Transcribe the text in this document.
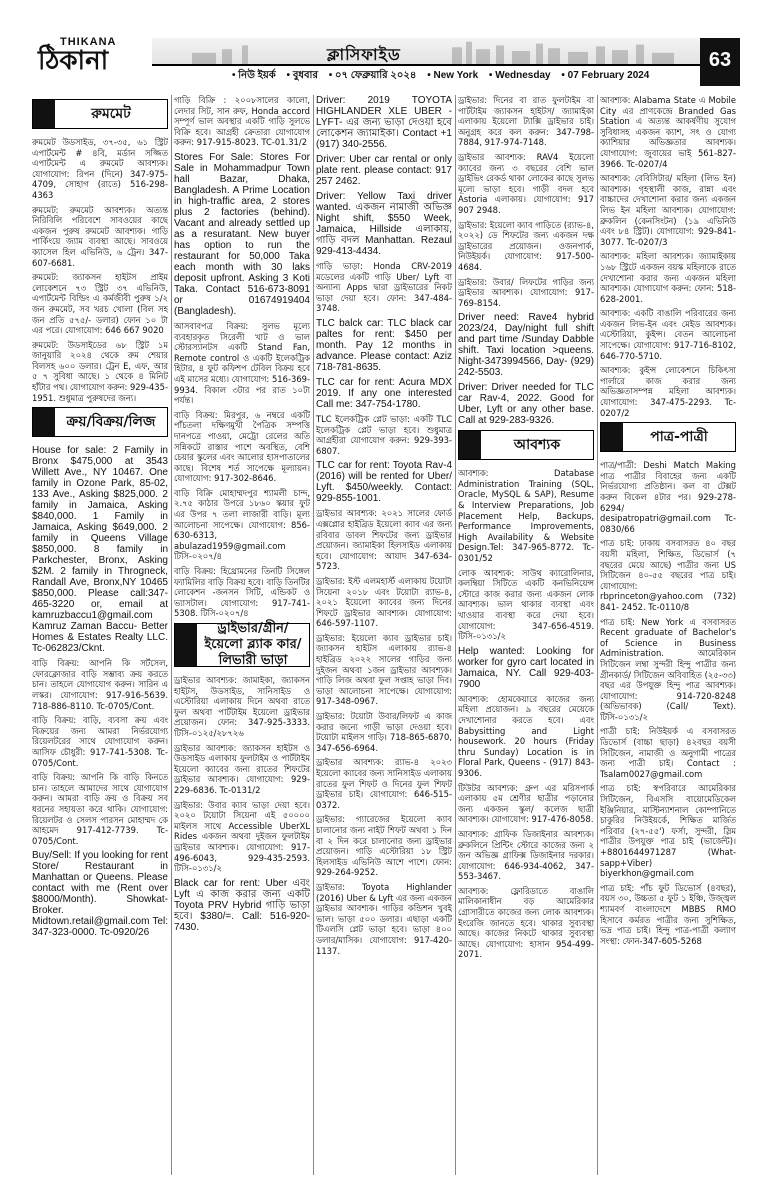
THIKANA
ঠিকানা	ক্লাসিফাইড	63
• নিউ ইয়র্ক • বুধবার • ০৭ ফেব্রুয়ারি ২০২৪ • New York • Wednesday • 07 February 2024
রুমমেট
রুমমেট উডসাইড, ৩৭-৩৫, ৬১ স্ট্রিট এপার্টমেন্ট # ৪বি, মর্ডান সজ্জিত এপার্টমেন্ট এ রুমমেট আবশ্যক। যোগাযোগ: রিপন (দিনে) 347-975-4709, সোহাগ (রাতে) 516-298-4363
রুমমেট: রুমমেট আবশ্যক। অত্যন্ত নিরিবিলি পরিবেশে সাবওয়ের কাছে একজন পুরুষ রুমমেট আবশ্যক। গাড়ি পার্কিংয়ে জ্যাম ব্যবস্থা আছে। সাবওয়ে ক্যাসেল হিল এভিনিউ, ৬ ট্রেন। 347-607-6681.
রুমমেট: জ্যাকসন হাইটস প্রাইম লোকেশনে ৭৩ স্ট্রিট ৩৭ এভিনিউ, এপার্টমেন্ট বিল্ডিং এ কর্মজীবী পুরুষ ১/২ জন রুমমেট, সব খরচ খোলা (বিল সহ জন প্রতি ৫৭৫/- ডলার) ফোন ১০ টা এর পরে। যোগাযোগ: 646 667 9020
রুমমেট: উডসাইডের ৬৮ স্ট্রিট ১ম জানুয়ারি ২০২৪ থেকে রুম শেয়ার বিলসহ ৬০০ ডলার। ট্রেন E, এফ, আর ৫ ৭ সুবিধা আছে। ১ থেকে ৪ মিনিট হাঁটার পথ। যোগাযোগ করুন: 929-435-1951. শুধুমাত্র পুরুষদের জন্য।
ক্রয়/বিক্রয়/লিজ
House for sale: 2 Family in Bronx $475,000 at 3543 Willett Ave., NY 10467. One family in Ozone Park, 85-02, 133 Ave., Asking $825,000. 2 family in Jamaica, Asking $840,000. 1 Family in Jamaica, Asking $649,000. 2 family in Queens Village $850,000. 8 family in Parkchester, Bronx, Asking $2M. 2 family in Throgneck, Randall Ave, Bronx,NY 10465 $850,000. Please call:347-465-3220 or, email at kamruzbaccu1@gmail.com Kamruz Zaman Baccu- Better Homes & Estates Realty LLC. Tc-062823/Cknt.
বাড়ি বিক্রয়: আপনি কি সর্টসেল, ফোরক্লোজার বাড়ি সম্ভাব্য ক্রয় করতে চান। তাহলে যোগাযোগ করুন। সারিন এ লস্কর। যোগাযোগ: 917-916-5639. 718-886-8110. Tc-0705/Cont.
বাড়ি বিক্রয়: বাড়ি, ব্যবসা ক্রয় এবং বিক্রয়ের জন্য আমরা নির্ভরযোগ্য রিয়েলটরের সাথে যোগাযোগ করুন। আসিফ চৌধুরী: 917-741-5308. Tc-0705/Cont.
বাড়ি বিক্রয়: আপনি কি বাড়ি কিনতে চান। তাহলে আমাদের সাথে যোগাযোগ করুন। আমরা বাড়ি ক্রয় ও বিক্রয় সব ধরনের সহায়তা করে থাকি। যোগাযোগ: রিয়েলটর ও সেলস পারসন মোহাম্মদ কে আহমেদ 917-412-7739. Tc-0705/Cont.
Buy/Sell: If you looking for rent Store/ Restaurant in Manhattan or Queens. Please contact with me (Rent over $8000/Month). Showkat- Broker. Midtown.retail@gmail.com Tel: 347-323-0000. Tc-0920/26
গাড়ি বিক্রি : ২০০৮সালের কালো, লেদার সিট, সান রুফ, Honda accord সম্পূর্ণ ভাল অবস্থার একটি গাড়ি সুলভে বিক্রি হবে। আগ্রহী ক্রেতারা যোগাযোগ করুন: 917-915-8023. TC-01.31/2
Stores For Sale: Stores For Sale in Mohammadpur Town hall Bazar, Dhaka, Bangladesh. A Prime Location in high-traffic area, 2 stores plus 2 factories (behind). Vacant and already settled up as a resuratant. New buyer has option to run the restaurant for 50,000 Taka each month with 30 laks deposit upfront. Asking 3 Koti Taka. Contact 516-673-8091 or 01674919404 (Bangladesh).
আসবাবপত্র বিক্রয়: সুলভ মূল্যে ব্যবহারকৃত সিরেলী খাট ও ভাল স্টোরস্যানটস একটি Stand Fan, Remote control ও একটি ইলেকট্রিক হিটার, ৪ ফুট কফিশপ টেবিল বিক্রয় হবে এই মাসের মধ্যে। যোগাযোগ: 516-369-9934. বিকাল ৩টার পর রাত ১০টা পর্যন্ত।
বাড়ি বিক্রয়: মিরপুর, ৬ নম্বরে একটি পাঁচতলা দক্ষিণমুখী পৈত্রিক সম্পত্তি দানপত্রে পাওয়া, মেট্রো রেলের অতি সন্নিকটে রাস্তার পাশে অবস্থিত, বেশি চেয়ার স্কুলের এবং আলোর হাসপাতালের কাছে। বিশেষ শর্ত সাপেক্ষে মূল্যায়ন। যোগাযোগ: 917-302-8646.
বাড়ি বিক্রি মোহাম্মদপুর শ্যামলী চান্দ, ২.৭৫ কাঠার উপরে ১৮৬০ স্কয়ার ফুট এর উপর ৭ তলা লাজারী বাড়ি। মূল্য আলোচনা সাপেক্ষে। যোগাযোগ: 856-630-6313, abulazad1959@gmail.com টিসি-০২০৭/৪
বাড়ি বিক্রয়: হিথ্রোমনের তিনটি সিঙ্গেল ফ্যামিলির বাড়ি বিক্রয় হবে। বাড়ি তিনটির লোকেশন -জনসন সিটি, এন্ডিকট ও ভ্যাসটাল। যোগাযোগ: 917-741-5308. টিসি-০২০৭/৪
ড্রাইভার/গ্রীন/ইয়েলো ব্ল্যাক কার/লিভারী ভাড়া
ড্রাইভার আবশ্যক: জামাইকা, জ্যাকসন হাইটস, উডসাইড, সানিসাইড ও এস্টোরিয়া এলাকায় দিনে অথবা রাতে ফুল অথবা পার্টটাইম ইয়েলো ড্রাইভার প্রয়োজন। ফোন: 347-925-3333. টিসি-০১২৫/২৮৭২৬
ড্রাইভার আবশ্যক: জ্যাকসন হাইটস ও উডসাইড এলাকায় ফুলটাইম ও পার্টটাইম ইয়েলো ক্যাবের জন্য রাতের শিফটের ড্রাইভার আবশ্যক। যোগাযোগ: 929-229-6836. Tc-0131/2
ড্রাইভার: উবার ক্যাব ভাড়া দেয়া হবে। ২০২০ টয়োটা সিয়েনা এই ৫০০০০ মাইলস সাথে Accessible UberXL Rides একজন অথবা দুইজন ফুলটাইম ড্রাইভার আবশ্যক। যোগাযোগ: 917-496-6043, 929-435-2593. টিসি-০১৩১/২
Black car for rent: Uber এবং Lyft এ কাজ করার জন্য একটি Toyota PRV Hybrid গাড়ি ভাড়া হবে। $380/=. Call: 516-920-7430.
Driver: 2019 TOYOTA HIGHLANDER XLE UBER - LYFT- এর জন্য ভাড়া দেওয়া হবে লোকেশন জ্যামাইকা। Contact +1 (917) 340-2556.
Driver: Uber car rental or only plate rent. please contact: 917 257 2462.
Driver: Yellow Taxi driver wanted. একজন নামাজী অভিজ্ঞ Night shift, $550 Week, Jamaica, Hillside এলাকায়, গাড়ি বদল Manhattan. Rezaul 929-413-4434.
গাড়ি ভাড়া: Honda CRV-2019 মডেলের একটি গাড়ি Uber/ Lyft বা অন্যান্য Apps দ্বারা ড্রাইভারের নিকট ভাড়া দেয়া হবে। ফোন: 347-484-3748.
TLC balck car: TLC black car paltes for rent: $450 per month. Pay 12 months in advance. Please contact: Aziz 718-781-8635.
TLC car for rent: Acura MDX 2019. If any one interested Call me: 347-754-1780.
TLC ইলেকট্রিক প্লেট ভাড়া: একটি TLC ইলেকট্রিক প্লেট ভাড়া হবে। শুধুমাত্র আগ্রহীরা যোগাযোগ করুন: 929-393-6807.
TLC car for rent: Toyota Rav-4 (2016) will be rented for Uber/ Lyft. $450/weekly. Contact: 929-855-1001.
ড্রাইভার আবশ্যক: ২০২১ সালের ফোর্ড এক্সপ্লোর হাইব্রিড ইয়েলো ক্যাব এর জন্য রবিবার ডাবল শিফটের জন্য ড্রাইভার প্রয়োজন। জ্যামাইকা হিলসাইড এলাকায় হবে। যোগাযোগ: আযাদ 347-634-5723.
ড্রাইভার: ইস্ট এলমহার্স্ট এলাকায় টয়োটা সিয়েনা ২০১৮ এবং টয়োটা র‍্যাভ-৪, ২০২১ ইয়েলো ক্যাবের জন্য দিনের শিফটে ড্রাইভার আবশ্যক। যোগাযোগ: 646-597-1107.
ড্রাইভার: ইয়েলো ক্যাব ড্রাইভার চাই। জ্যাকসন হাইটস এলাকায় র‍্যাভ-৪ হাইব্রিড ২০২২ সালের গাড়ির জন্য দুইজন অথবা ১জন ড্রাইভার আবশ্যক। গাড়ি লিজ অথবা ফুল সপ্তাহ ভাড়া দিব। ভাড়া আলোচনা সাপেক্ষে। যোগাযোগ: 917-348-0967.
ড্রাইভার: টয়োটা উবার/লিফট এ কাজ করার জন্যে গাড়ী ভাড়া দেওয়া হবে। টয়োটা মাইলস গাড়ি। 718-865-6870, 347-656-6964.
ড্রাইভার আবশ্যক: র‍্যাভ-৪ ২০২৩ ইয়েলো ক্যাবের জন্য সানিসাইড এলাকায় রাতের ফুল শিফট ও দিনের ফুল শিফট ড্রাইভার চাই। যোগাযোগ: 646-515-0372.
ড্রাইভার: গ্যারেজের ইয়েলো ক্যাব চালানোর জন্য নাইট শিফট অথবা ১ দিন বা ২ দিন করে চালানোর জন্য ড্রাইভার প্রয়োজন। গাড়ি এস্টোরিয়া ১৮ স্ট্রিট হিলসাইড এভিনিউ আশে পাশে। ফোন: 929-264-9252.
ড্রাইভার: Toyota Highlander (2016) Uber & Lyft এর জন্য একজন ড্রাইভার আবশ্যক। গাড়ির কন্ডিশন খুবই ভাল। ভাড়া ৫০০ ডলার। এছাড়া একটি টিএলসি প্লেট ভাড়া হবে। ভাড়া ৪০০ ডলার/মাসিক। যোগাযোগ: 917-420-1137.
ড্রাইভার: দিনের বা রাত ফুলটাইম বা পার্টটাইম জ্যাকসন হাইটস/ জ্যামাইকা এলাকায় ইয়েলো ট্যাক্সি ড্রাইভার চাই। অনুগ্রহ করে কল করুন: 347-798-7884, 917-974-7148.
ড্রাইভার আবশ্যক: RAV4 ইয়েলো ক্যাবের জন্য ৩ বছরের বেশি ভাল ড্রাইভিং রেকর্ড থাকা লোকের কাছে সুলভ মূল্যে ভাড়া হবে। গাড়ী বদল হবে Astoria এলাকায়। যোগাযোগ: 917 907 2948.
ড্রাইভার: ইয়েলো ক্যাব গাড়িতে (র‍্যাভ-৪, ২০২২) ডে শিফটের জন্য একজন দক্ষ ড্রাইভারের প্রয়োজন। ওজনপার্ক, নিউইয়র্ক। যোগাযোগ: 917-500-4684.
ড্রাইভার: উবার/ লিফটের গাড়ির জন্য ড্রাইভার আবশ্যক। যোগাযোগ: 917-769-8154.
Driver need: Rave4 hybrid 2023/24, Day/night full shift and part time /Sunday Dabble shift. Taxi location >queens. Night-3473994566, Day- (929) 242-5503.
Driver: Driver needed for TLC car Rav-4, 2022. Good for Uber, Lyft or any other base. Call at 929-283-9326.
আবশ্যক
আবশ্যক: Database Administration Training (SQL, Oracle, MySQL & SAP), Resume & Interview Preparations, Job Placement Help, Backups, Performance Improvements, High Availability & Website Design.Tel: 347-965-8772. Tc-0301/52
লোক আবশ্যক: সাউথ ক্যারোলিনার, কলম্বিয়া সিটিতে একটি কনভিনিয়েন্স স্টোরে কাজ করার জন্য একজন লোক আবশ্যক। ভাল থাকার ব্যবস্থা এবং খাওয়ার ব্যবস্থা করে দেয়া হবে। যোগাযোগ: 347-656-4519. টিসি-০১৩১/২
Help wanted: Looking for worker for gyro cart located in Jamaica, NY. Call 929-403-7900
আবশ্যক: হোমকেয়ারে কাজের জন্য মহিলা প্রয়োজন। ৯ বছরের মেয়েকে দেখাশোনার করতে হবে। এবং Babysitting and Light housework. 20 hours (Friday thru Sunday) Location is in Floral Park, Queens - (917) 843-9306.
টিউটর আবশ্যক: গ্রুপ এর মরিসপার্ক এলাকায় ৫ম শ্রেণীর ছাত্রীর পড়ানোর জন্য একজন স্কুল/ কলেজ ছাত্রী আবশ্যক। যোগাযোগ: 917-476-8058.
আবশ্যক: গ্রাফিক ডিজাইনার আবশ্যক। ব্রুকলিনে প্রিন্টিং স্টোরে কাজের জন্য ২ জন অভিজ্ঞ গ্রাফিক্স ডিজাইনার দরকার। যোগাযোগ: 646-934-4062, 347-553-3467.
আবশ্যক: ফ্লোরিডাতে বাঙালি মালিকানাধীন বড় আমেরিকার গ্রোসারীতে কাজের জন্য লোক আবশ্যক। ইংরেজি জানতে হবে। থাকার সুব্যবস্থা আছে। কাজের নিকটে থাকার সুব্যবস্থা আছে। যোগাযোগ: হাসান 954-499-2071.
আবশ্যক: Alabama State এ Mobile City এর প্রাণকেন্দ্রে Branded Gas Station এ অত্যন্ত আকর্ষণীয় সুযোগ সুবিধাসহ একজন ক্যাশ, সৎ ও যোগ্য ক্যাশিয়ার অভিজ্ঞতার আবশ্যক। যোগাযোগ: জুবায়ের ভাই 561-827-3966. Tc-0207/4
আবশ্যক: বেবিসিটার/ মহিলা (লিভ ইন) আবশ্যক। গৃহস্থালী কাজ, রান্না এবং বাচ্চাদের দেখাশোনা করার জন্য একজন লিভ ইন মহিলা আবশ্যক। যোগাযোগ: ব্রুকলিন (কেনসিংটন) (১৯ এভিনিউ এবং ৮৪ স্ট্রিট)। যোগাযোগ: 929-841-3077. Tc-0207/3
আবশ্যক: মহিলা আবশ্যক। জ্যামাইকায় ১৬৮ স্ট্রিটে একজন বয়স্ক মহিলাকে রাতে দেখাশোনা করার জন্য একজন মহিলা আবশ্যক। যোগাযোগ করুন: ফোন: 518-628-2001.
আবশ্যক: একটি বাঙালি পরিবারের জন্য একজন লিভ-ইন এবং মেইড আবশ্যক। এস্টোরিয়া, কুইন্স। বেতন আলোচনা সাপেক্ষে। যোগাযোগ: 917-716-8102, 646-770-5710.
আবশ্যক: কুইন্স লোকেশনে চিকিৎসা পার্লারে কাজ করার জন্য অভিজ্ঞতাসম্পন্ন মহিলা আবশ্যক। যোগাযোগ: 347-475-2293. Tc-0207/2
পাত্র-পাত্রী
পাত্র/পাত্রী: Deshi Match Making পাত্র পাত্রীর বিবাহের জন্য একটি নির্ভরযোগ্য প্রতিষ্ঠান। কল বা টেক্সট করুন বিকেল ৪টার পর। 929-278-6294/ desipatropatri@gmail.com Tc-0830/66
পাত্র চাই: ঢাকায় বসবাসরত ৪০ বছর বয়সী মহিলা, শিক্ষিত, ডিভোর্স (৭ বছরের মেয়ে আছে) পাত্রীর জন্য US সিটিজেন ৪০-৫৫ বছরের পাত্র চাই। যোগাযোগ: rbprinceton@yahoo.com (732) 841- 2452. Tc-0110/8
পাত্র চাই: New York এ বসবাসরত Recent graduate of Bachelor's of Science in Business Administration. আমেরিকান সিটিজেন লম্বা সুন্দরী হিন্দু পাত্রীর জন্য গ্রীনকার্ড/ সিটিজেন অবিবাহিত (২৫-৩৩) বছর এর উপযুক্ত হিন্দু পাত্র আবশ্যক। যোগাযোগ: 914-720-8248 (অভিভাবক) (Call/ Text). টিসি-০১৩১/২
পাত্রী চাই: নিউইয়র্ক এ বসবাসরত ডিভোর্স (বাচ্চা ছাড়া) ৪২বছর বয়সী সিটিজেন, নামাজী ও অনুগামী পাত্রের জন্য পাত্রী চাই। Contact : Tsalam0027@gmail.com
পাত্র চাই: স্বপরিবারে আমেরিকার সিটিজেন, বিএসসি বায়োমেডিকেল ইঞ্জিনিয়ার, মাস্টিন্যাশনাল কোম্পানিতে চাকুরির নিউইয়র্কে, শিক্ষিত মার্জিত পরিবার (২৭-৫৫') ফর্সা, সুন্দরী, স্লিম পাত্রীর উপযুক্ত পাত্র চাই (ভার্জেন্ট)। +8801644971287 (What-sapp+Viber) biyerkhon@gmail.com
পাত্র চাই: পাঁচ ফুট ডিভোর্স (৪বছর), বয়স ৩০, উচ্চতা ৫ ফুট ১ ইঞ্চি, উজ্জ্বল শ্যামবর্ণ বাংলাদেশে MBBS RMO হিসাবে কর্মরত পাত্রীর জন্য সুশিক্ষিত, ভদ্র পাত্র চাই। হিন্দু পাত্র-পাত্রী কল্যাণ সংস্থা: ফোন-347-605-5268
